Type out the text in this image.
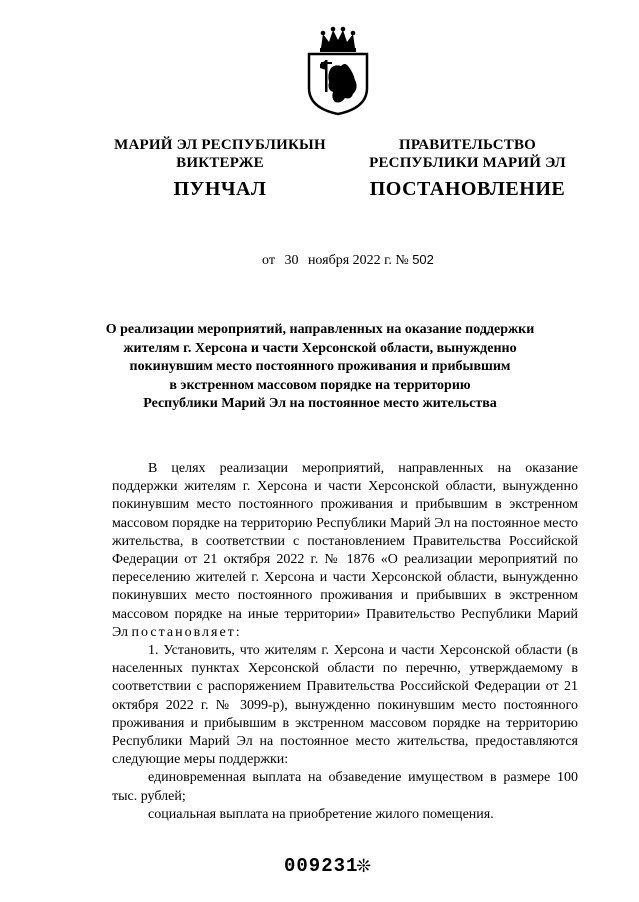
МАРИЙ ЭЛ РЕСПУБЛИКЫН
ВИКТЕРЖЕ
ПУНЧАЛ
ПРАВИТЕЛЬСТВО
РЕСПУБЛИКИ МАРИЙ ЭЛ
ПОСТАНОВЛЕНИЕ
от 30 ноября 2022 г. № 502
О реализации мероприятий, направленных на оказание поддержки
жителям г. Херсона и части Херсонской области, вынужденно
покинувшим место постоянного проживания и прибывшим
в экстренном массовом порядке на территорию
Республики Марий Эл на постоянное место жительства

В целях реализации мероприятий, направленных на оказание поддержки жителям г. Херсона и части Херсонской области, вынужденно покинувшим место постоянного проживания и прибывшим в экстренном массовом порядке на территорию Республики Марий Эл на постоянное место жительства, в соответствии с постановлением Правительства Российской Федерации от 21 октября 2022 г. № 1876 «О реализации мероприятий по переселению жителей г. Херсона и части Херсонской области, вынужденно покинувших место постоянного проживания и прибывших в экстренном массовом порядке на иные территории» Правительство Республики Марий Эл постановляет:

1. Установить, что жителям г. Херсона и части Херсонской области (в населенных пунктах Херсонской области по перечню, утверждаемому в соответствии с распоряжением Правительства Российской Федерации от 21 октября 2022 г. № 3099-р), вынужденно покинувшим место постоянного проживания и прибывшим в экстренном массовом порядке на территорию Республики Марий Эл на постоянное место жительства, предоставляются следующие меры поддержки:

единовременная выплата на обзаведение имуществом в размере 100 тыс. рублей;

социальная выплата на приобретение жилого помещения.

009231
❊
